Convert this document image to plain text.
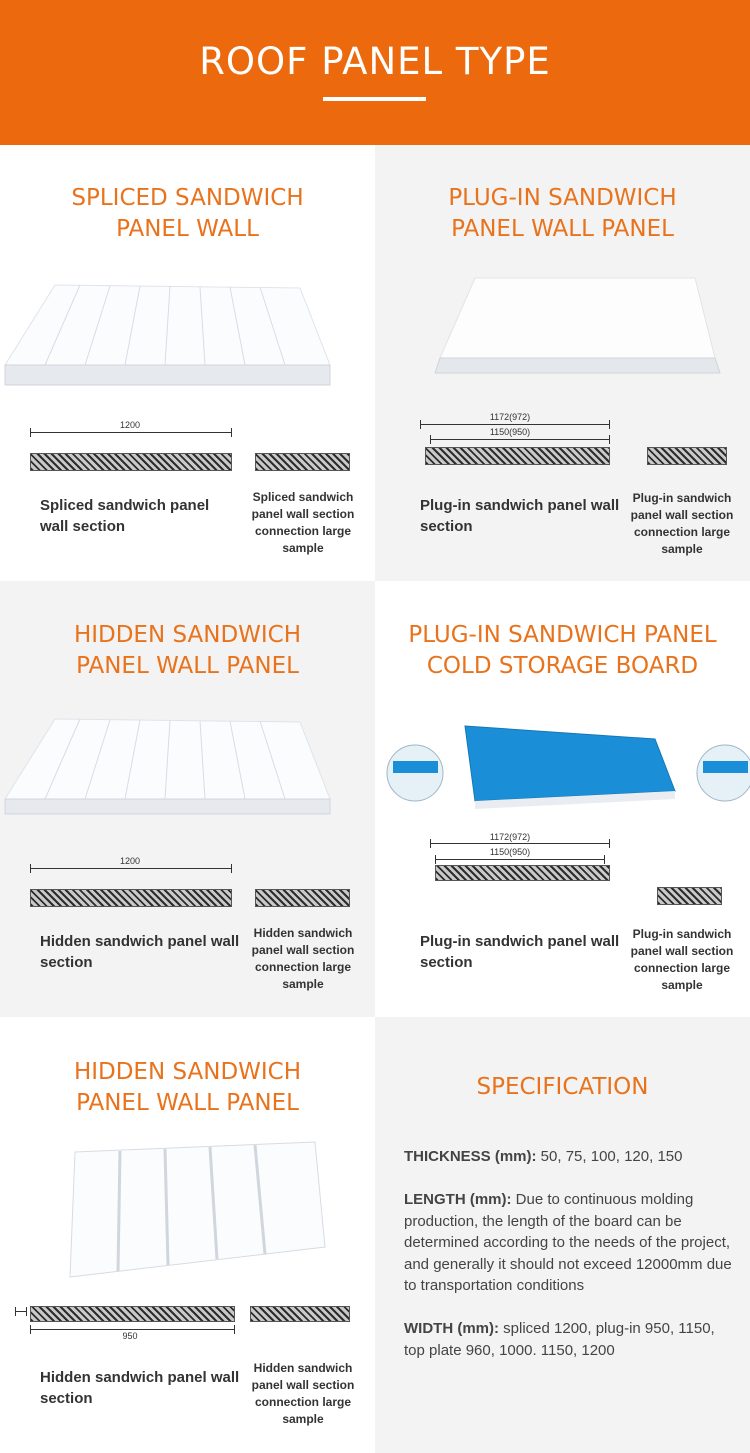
ROOF PANEL TYPE
SPLICED SANDWICH
PANEL WALL
1200
Spliced sandwich panel wall section
Spliced sandwich panel wall section connection large sample
PLUG-IN SANDWICH
PANEL WALL PANEL
1172(972)
1150(950)
Plug-in sandwich panel wall section
Plug-in sandwich panel wall section connection large sample
HIDDEN SANDWICH
PANEL WALL PANEL
1200
Hidden sandwich panel wall section
Hidden sandwich panel wall section connection large sample
PLUG-IN SANDWICH PANEL
COLD STORAGE BOARD
1172(972)
1150(950)
Plug-in sandwich panel wall section
Plug-in sandwich panel wall section connection large sample
HIDDEN SANDWICH
PANEL WALL PANEL
950
Hidden sandwich panel wall section
Hidden sandwich panel wall section connection large sample
SPECIFICATION
THICKNESS (mm): 50, 75, 100, 120, 150
LENGTH (mm): Due to continuous molding production, the length of the board can be determined according to the needs of the project, and generally it should not exceed 12000mm due to transportation conditions
WIDTH (mm): spliced 1200, plug-in 950, 1150, top plate 960, 1000. 1150, 1200
